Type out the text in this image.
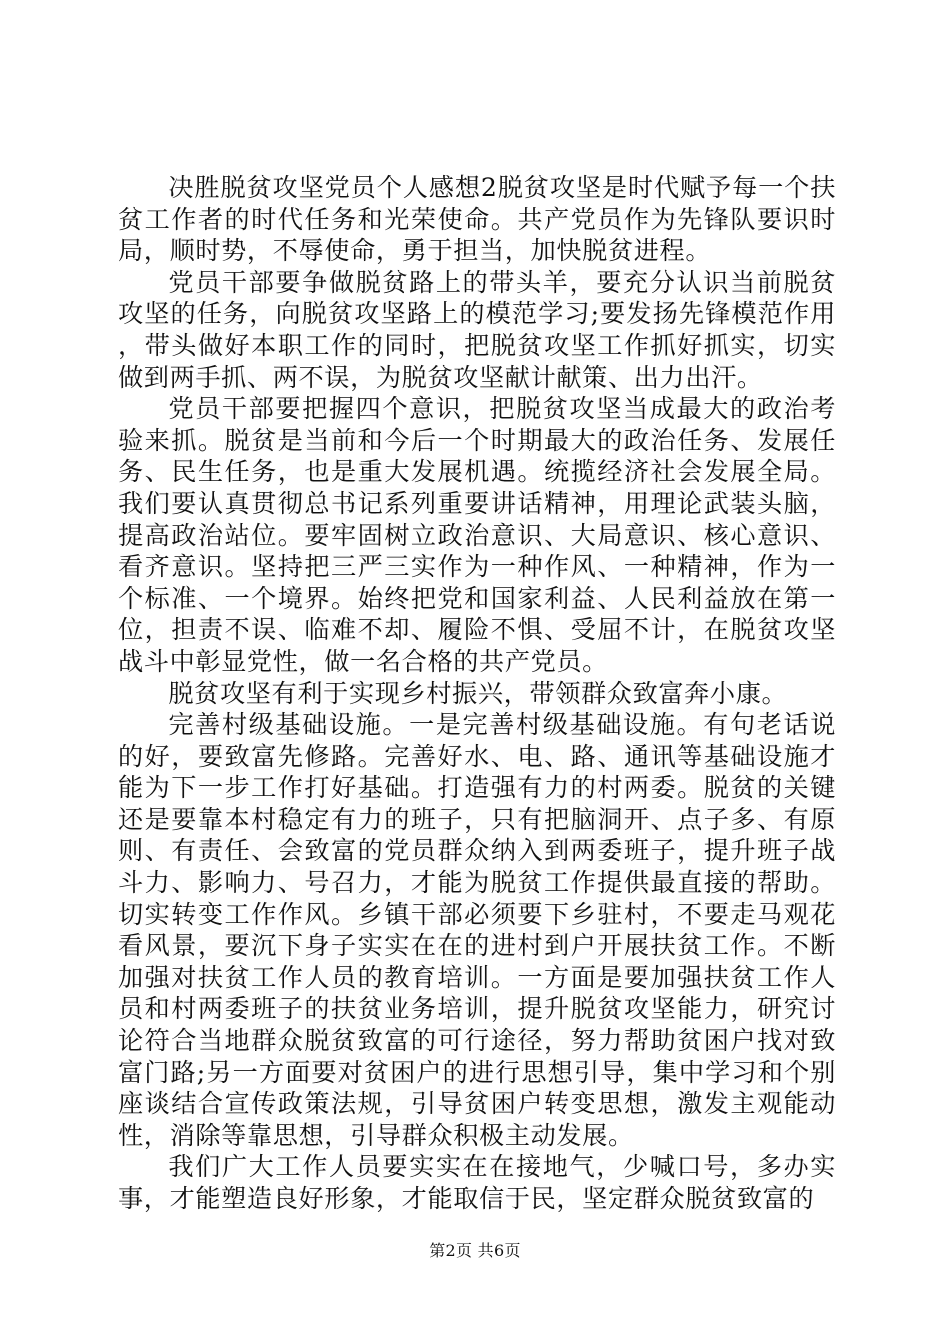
决胜脱贫攻坚党员个人感想2脱贫攻坚是时代赋予每一个扶贫工作者的时代任务和光荣使命。共产党员作为先锋队要识时局，顺时势，不辱使命，勇于担当，加快脱贫进程。

党员干部要争做脱贫路上的带头羊，要充分认识当前脱贫攻坚的任务，向脱贫攻坚路上的模范学习;要发扬先锋模范作用，带头做好本职工作的同时，把脱贫攻坚工作抓好抓实，切实做到两手抓、两不误，为脱贫攻坚献计献策、出力出汗。

党员干部要把握四个意识，把脱贫攻坚当成最大的政治考验来抓。脱贫是当前和今后一个时期最大的政治任务、发展任务、民生任务，也是重大发展机遇。统揽经济社会发展全局。我们要认真贯彻总书记系列重要讲话精神，用理论武装头脑，提高政治站位。要牢固树立政治意识、大局意识、核心意识、看齐意识。坚持把三严三实作为一种作风、一种精神，作为一个标准、一个境界。始终把党和国家利益、人民利益放在第一位，担责不误、临难不却、履险不惧、受屈不计，在脱贫攻坚战斗中彰显党性，做一名合格的共产党员。

脱贫攻坚有利于实现乡村振兴，带领群众致富奔小康。

完善村级基础设施。一是完善村级基础设施。有句老话说的好，要致富先修路。完善好水、电、路、通讯等基础设施才能为下一步工作打好基础。打造强有力的村两委。脱贫的关键还是要靠本村稳定有力的班子，只有把脑洞开、点子多、有原则、有责任、会致富的党员群众纳入到两委班子，提升班子战斗力、影响力、号召力，才能为脱贫工作提供最直接的帮助。切实转变工作作风。乡镇干部必须要下乡驻村，不要走马观花看风景，要沉下身子实实在在的进村到户开展扶贫工作。不断加强对扶贫工作人员的教育培训。一方面是要加强扶贫工作人员和村两委班子的扶贫业务培训，提升脱贫攻坚能力，研究讨论符合当地群众脱贫致富的可行途径，努力帮助贫困户找对致富门路;另一方面要对贫困户的进行思想引导，集中学习和个别座谈结合宣传政策法规，引导贫困户转变思想，激发主观能动性，消除等靠思想，引导群众积极主动发展。

我们广大工作人员要实实在在接地气，少喊口号，多办实事，才能塑造良好形象，才能取信于民，坚定群众脱贫致富的

第2页 共6页
